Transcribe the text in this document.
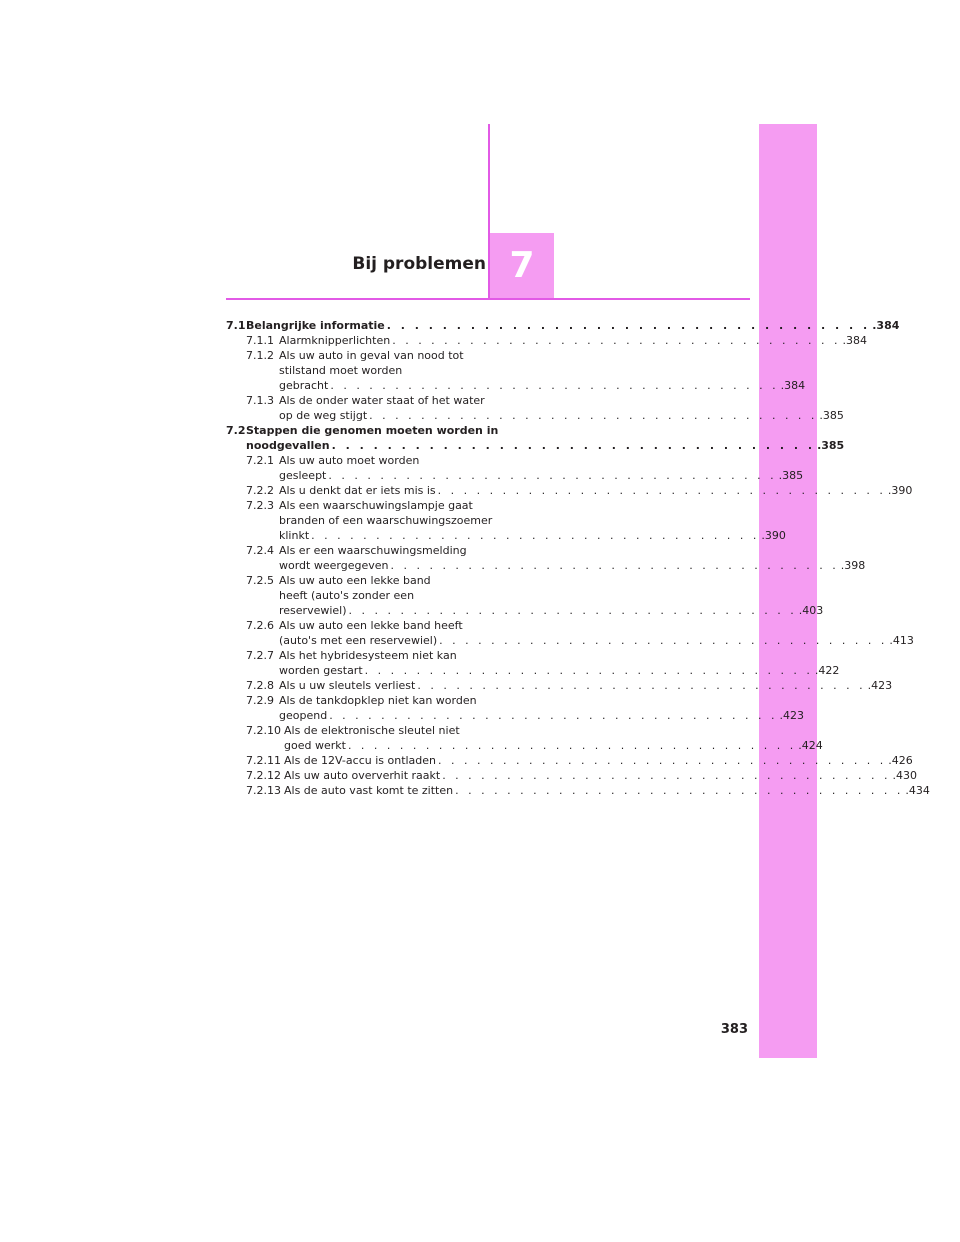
Bij problemen 7
7.1 Belangrijke informatie . . .	.384
7.1.1 Alarmknipperlichten . . .	.384
7.1.2 Als uw auto in geval van nood tot
stilstand moet worden
gebracht . . .	.384
7.1.3 Als de onder water staat of het water
op de weg stijgt . . .	.385
7.2 Stappen die genomen moeten worden in
noodgevallen . . .	.385
7.2.1 Als uw auto moet worden
gesleept . . .	.385
7.2.2 Als u denkt dat er iets mis is . . .	.390
7.2.3 Als een waarschuwingslampje gaat
branden of een waarschuwingszoemer
klinkt . . .	.390
7.2.4 Als er een waarschuwingsmelding
wordt weergegeven . . .	.398
7.2.5 Als uw auto een lekke band
heeft (auto's zonder een
reservewiel) . . .	.403
7.2.6 Als uw auto een lekke band heeft
(auto's met een reservewiel) . . .	.413
7.2.7 Als het hybridesysteem niet kan
worden gestart . . .	.422
7.2.8 Als u uw sleutels verliest . . .	.423
7.2.9 Als de tankdopklep niet kan worden
geopend . . .	.423
7.2.10 Als de elektronische sleutel niet
goed werkt . . .	.424
7.2.11 Als de 12V-accu is ontladen . . .	.426
7.2.12 Als uw auto oververhit raakt . . .	.430
7.2.13 Als de auto vast komt te zitten . . .	.434
383
